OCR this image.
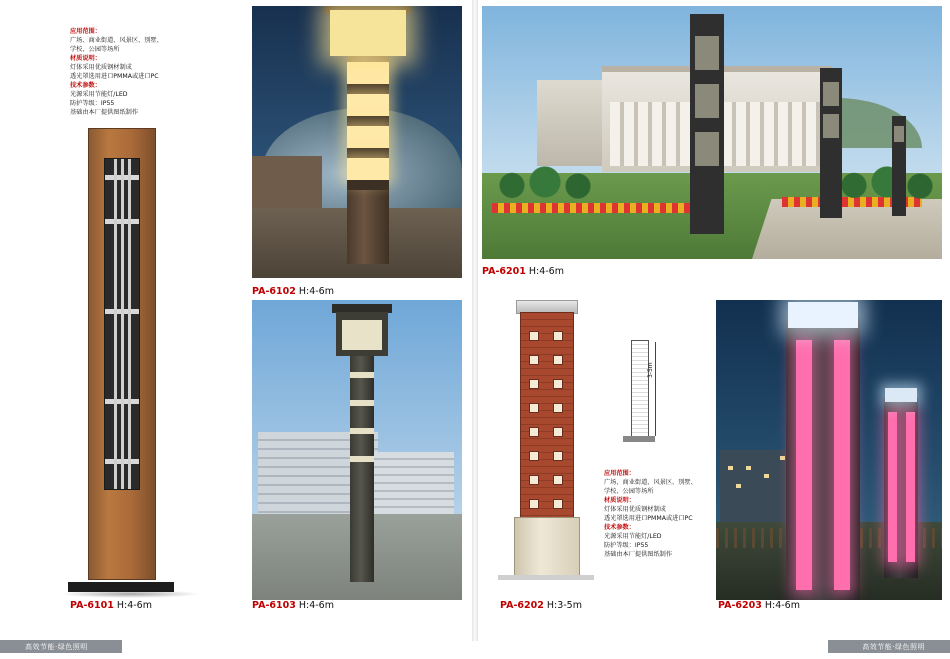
应用范围：
广场、商业街道、风景区、别墅、
学校、公园等场所
材质说明：
灯体采用优质钢材制成
透光罩选用进口PMMA或进口PC
技术参数：
光源采用节能灯/LED
防护等级：IP55
基础由本厂提供图纸制作
PA-6101 H:4-6m
PA-6102 H:4-6m
PA-6201 H:4-6m
PA-6103 H:4-6m	PA-6202 H:3-5m
3-5m
应用范围：
广场、商业街道、风景区、别墅、
学校、公园等场所
材质说明：
灯体采用优质钢材制成
透光罩选用进口PMMA或进口PC
技术参数：
光源采用节能灯/LED
防护等级：IP55
基础由本厂提供图纸制作
PA-6203 H:4-6m
高效节能·绿色照明	高效节能·绿色照明
